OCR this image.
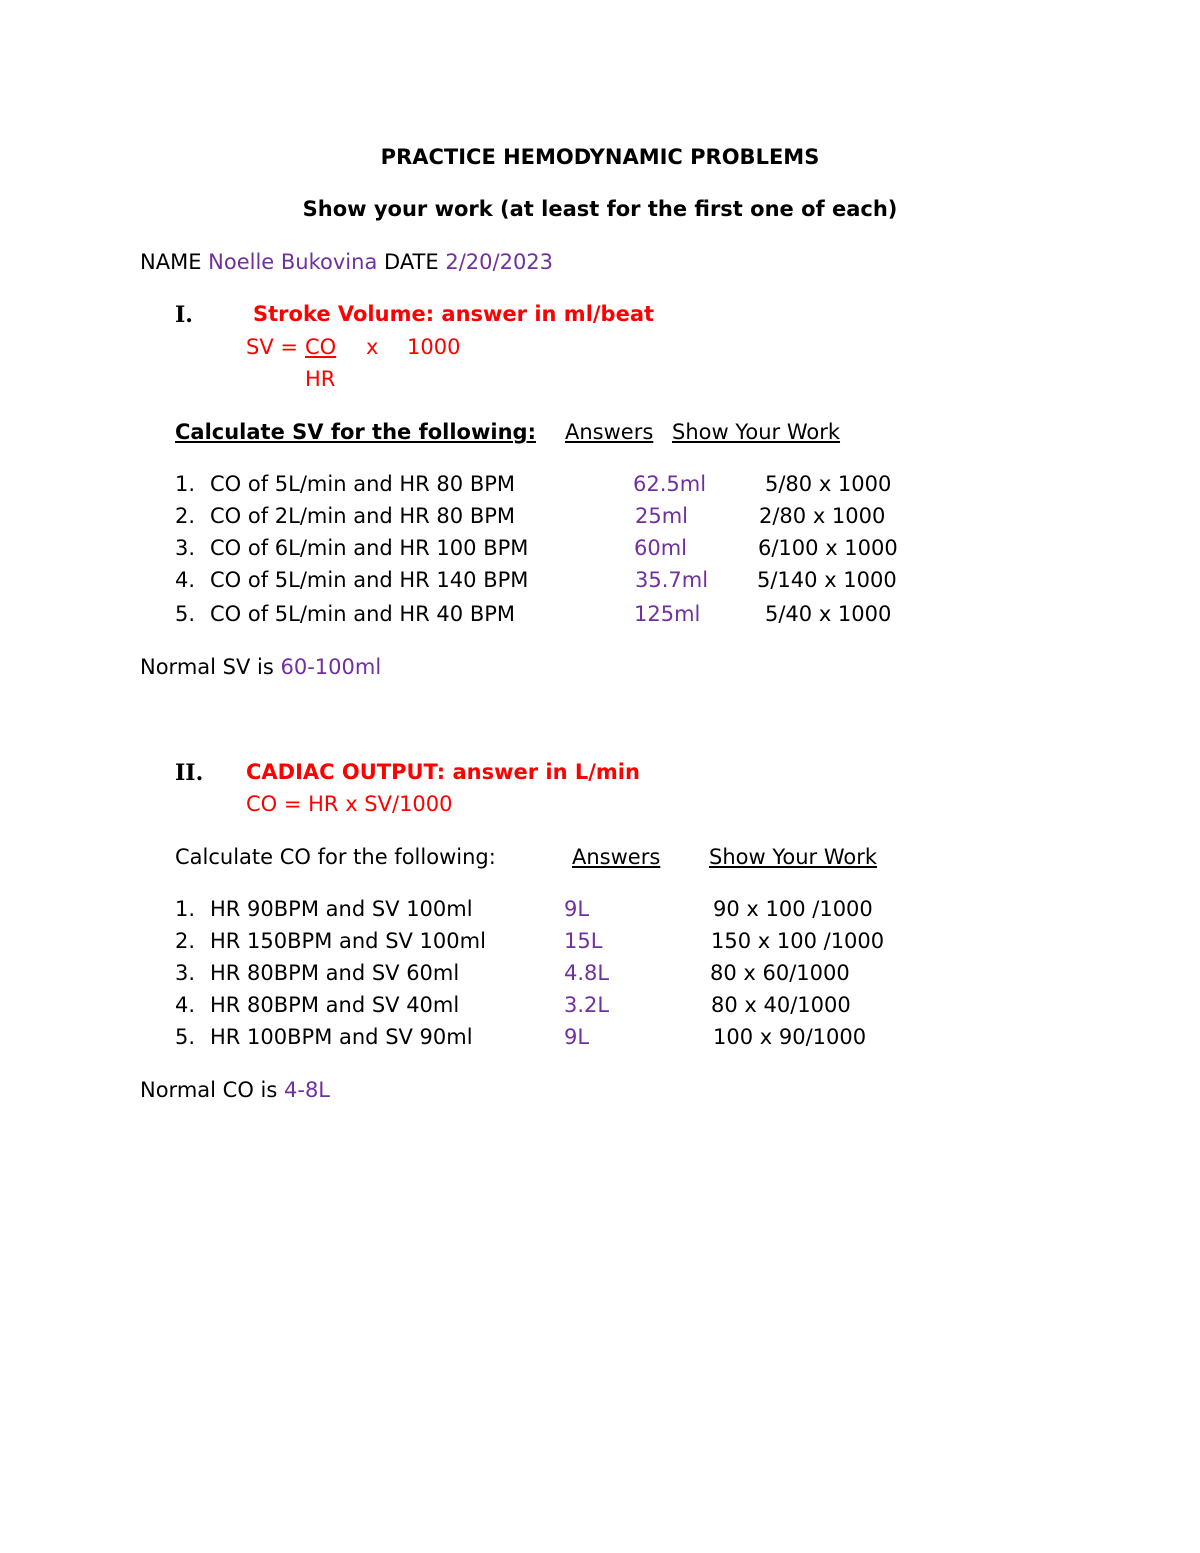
PRACTICE HEMODYNAMIC PROBLEMS
Show your work (at least for the first one of each)
NAME Noelle Bukovina DATE 2/20/2023
I.	Stroke Volume: answer in ml/beat
SV = CO x 1000
HR
Calculate SV for the following: Answers Show Your Work
1. CO of 5L/min and HR 80 BPM	62.5ml	5/80 x 1000
2. CO of 2L/min and HR 80 BPM	25ml	2/80 x 1000
3. CO of 6L/min and HR 100 BPM	60ml	6/100 x 1000
4. CO of 5L/min and HR 140 BPM	35.7ml 5/140 x 1000
5. CO of 5L/min and HR 40 BPM	125ml	5/40 x 1000
Normal SV is 60-100ml
II. CADIAC OUTPUT: answer in L/min
CO = HR x SV/1000
Calculate CO for the following:	Answers Show Your Work
1. HR 90BPM and SV 100ml	9L	90 x 100 /1000
2. HR 150BPM and SV 100ml	15L	150 x 100 /1000
3. HR 80BPM and SV 60ml	4.8L	80 x 60/1000
4. HR 80BPM and SV 40ml	3.2L	80 x 40/1000
5. HR 100BPM and SV 90ml	9L	100 x 90/1000
Normal CO is 4-8L
